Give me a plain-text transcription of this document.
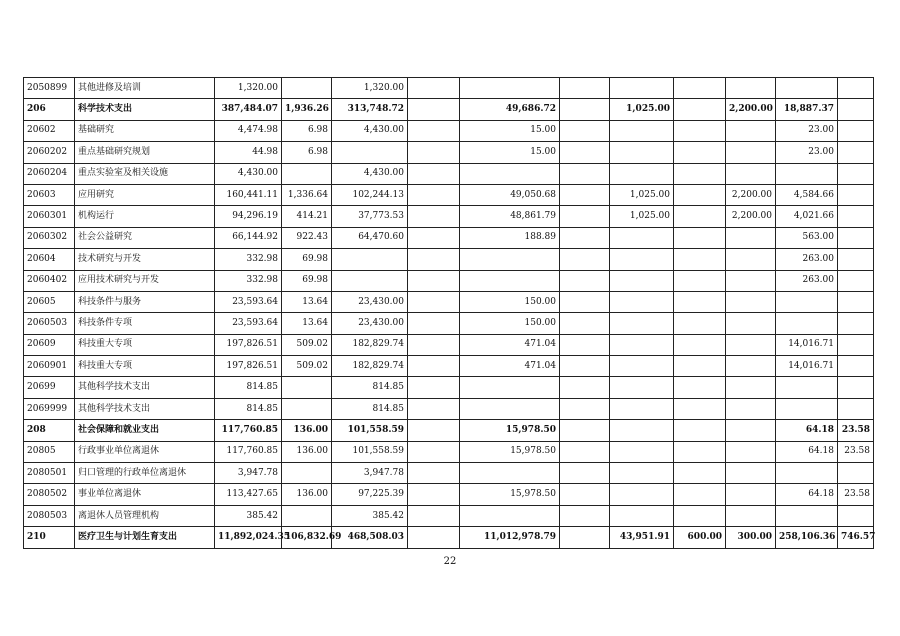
2050899	其他进修及培训	1,320.00		1,320.00								
206	科学技术支出	387,484.07	1,936.26	313,748.72		49,686.72		1,025.00		2,200.00	18,887.37	
20602	基础研究	4,474.98	6.98	4,430.00		15.00					23.00	
2060202	重点基础研究规划	44.98	6.98			15.00					23.00	
2060204	重点实验室及相关设施	4,430.00		4,430.00								
20603	应用研究	160,441.11	1,336.64	102,244.13		49,050.68		1,025.00		2,200.00	4,584.66	
2060301	机构运行	94,296.19	414.21	37,773.53		48,861.79		1,025.00		2,200.00	4,021.66	
2060302	社会公益研究	66,144.92	922.43	64,470.60		188.89					563.00	
20604	技术研究与开发	332.98	69.98								263.00	
2060402	应用技术研究与开发	332.98	69.98								263.00	
20605	科技条件与服务	23,593.64	13.64	23,430.00		150.00						
2060503	科技条件专项	23,593.64	13.64	23,430.00		150.00						
20609	科技重大专项	197,826.51	509.02	182,829.74		471.04					14,016.71	
2060901	科技重大专项	197,826.51	509.02	182,829.74		471.04					14,016.71	
20699	其他科学技术支出	814.85		814.85								
2069999	其他科学技术支出	814.85		814.85								
208	社会保障和就业支出	117,760.85	136.00	101,558.59		15,978.50					64.18	23.58
20805	行政事业单位离退休	117,760.85	136.00	101,558.59		15,978.50					64.18	23.58
2080501	归口管理的行政单位离退休	3,947.78		3,947.78								
2080502	事业单位离退休	113,427.65	136.00	97,225.39		15,978.50					64.18	23.58
2080503	离退休人员管理机构	385.42		385.42								
210	医疗卫生与计划生育支出	11,892,024.35	106,832.69	468,508.03		11,012,978.79		43,951.91	600.00	300.00	258,106.36	746.57
22
